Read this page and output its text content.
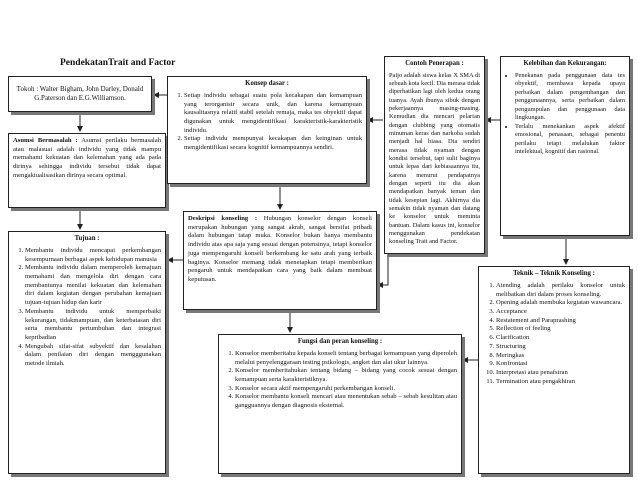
PendekatanTrait and Factor
Tokoh : Walter Bigham, John Darley, Donald G.Paterson dan E.G.Williamson.
Asumsi Bermasalah : Asumsi perilaku bermasalah atau malasuai adalah individu yang tidak mampu memahami kekuatan dan kelemahan yang ada pada dirinya sehingga individu tersebut tidak dapat mengaktualisasikan dirinya secara optimal.
Konsep dasar :
1. Setiap individu sebagai suatu pola kecakapan dan kemampuan yang terorganisir secara unik, dan karena kemampuan kausalitasnya relatif stabil setelah remaja, maka tes obyektif dapat digunakan untuk mengidentifikasi karakteristik-karakteristik individu.
2. Setiap individu mempunyai kecakapan dan keinginan untuk mengidentifikasi secara kognitif kemampuannya sendiri.
Contoh Penerapan :

Paijo adalah siswa kelas X SMA di sebuah kota kecil. Dia merasa tidak diperhatikan lagi oleh kedua orang tuanya. Ayah ibunya sibuk dengan pekerjaannya masing-masing. Kemudian dia mencari pelarian dengan clubbing yang otomatis minuman keras dan narkoba sudah menjadi hal biasa. Dia sendiri merasa tidak nyaman dengan kondisi tersebut, tapi sulit baginya untuk lepas dari kebiasaannya itu, karena menurut pendapatnya dengan seperti itu dia akan mendapatkan banyak teman dan tidak kesepian lagi. Akhirnya dia semakin tidak nyaman dan datang ke konselor untuk meminta bantuan. Dalam kasus ini, konselor menggunakan pendekatan konseling Trait and Factor.

Kelebihan dan Kekurangan:
• Penekanan pada penggunaan data tes obyektif, membawa kepada upaya perbaikan dalam pengembangan dan penggunaannya, serta perbaikan dalam pengumpulan dan penggunaan data lingkungan.
• Terlalu menekankan aspek afektif emosional, penasaan, sebagai penentu perilaku tetapi melalukan faktor intelektual, kognitif dan rasional.
Tujuan :
1. Membantu individu mencapai perkembangan kesempurnaan berbagai aspek kehidupan manusia
2. Membantu individu dalam memperoleh kemajuan memahami dan mengelola diri dengan cara membantunya menilai kekuatan dan kelemahan diri dalam kegiatan dengan perubahan kemajuan tujuan-tujuan hidup dan karir
3. Membantu individu untuk memperbaiki kekurangan, tidakmampuan, dan keterbatasan diri serta membantu pertumbuhan dan integrasi kepribadian
4. Mengubah sifat-sifat subyektif dan kesalahan dalam penilaian diri dengan mengggunakan metode ilmiah.
Deskripsi konseling : Hubungan konselor dengan konseli merupakan hubungan yang sangat akrab, sangat bersifat pribadi dalam hubungan tatap muka. Konselor bukan hanya membantu individu atas apa saja yang sesuai dengan potensinya, tetapi konselor juga mempengaruhi konseli berkembang ke satu arah yang terbaik baginya. Konselor memang tidak menetapkan tetapi memberikan pengaruh untuk mendapatkan cara yang baik dalam membuat keputusan.
Fungsi dan peran konseling :
1. Konselor memberitahu kepada konseli tentang berbagai kemampuan yang diperoleh melalui penyelenggaraan testing psikologis, angket dan alat ukur lainnya.
2. Konselor memberitahukan tentang bidang – bidang yang cocok sesuai dengan kemampuan serta karakteristiknya.
3. Konselor secara aktif mempengaruhi perkembangan konseli.
4. Konselor membantu konseli mencari atau menentukan sebab – sebab kesulitan atau gangguannya dengan diagnosis eksternal.
Teknik – Teknik Konseling :
1. Atending adalah perilaku konselor untuk melibatkan diri dalam proses konseling.
2. Opening adalah membuka kegiatan wawancara.
3. Acceptance
4. Restatement and Paraprashing
5. Reflection of feeling
6. Clarification
7. Structuring
8. Meringkas
9. Konfrontasi
10. Interpretasi atau penafsiran
11. Termination atau pengakhiran
